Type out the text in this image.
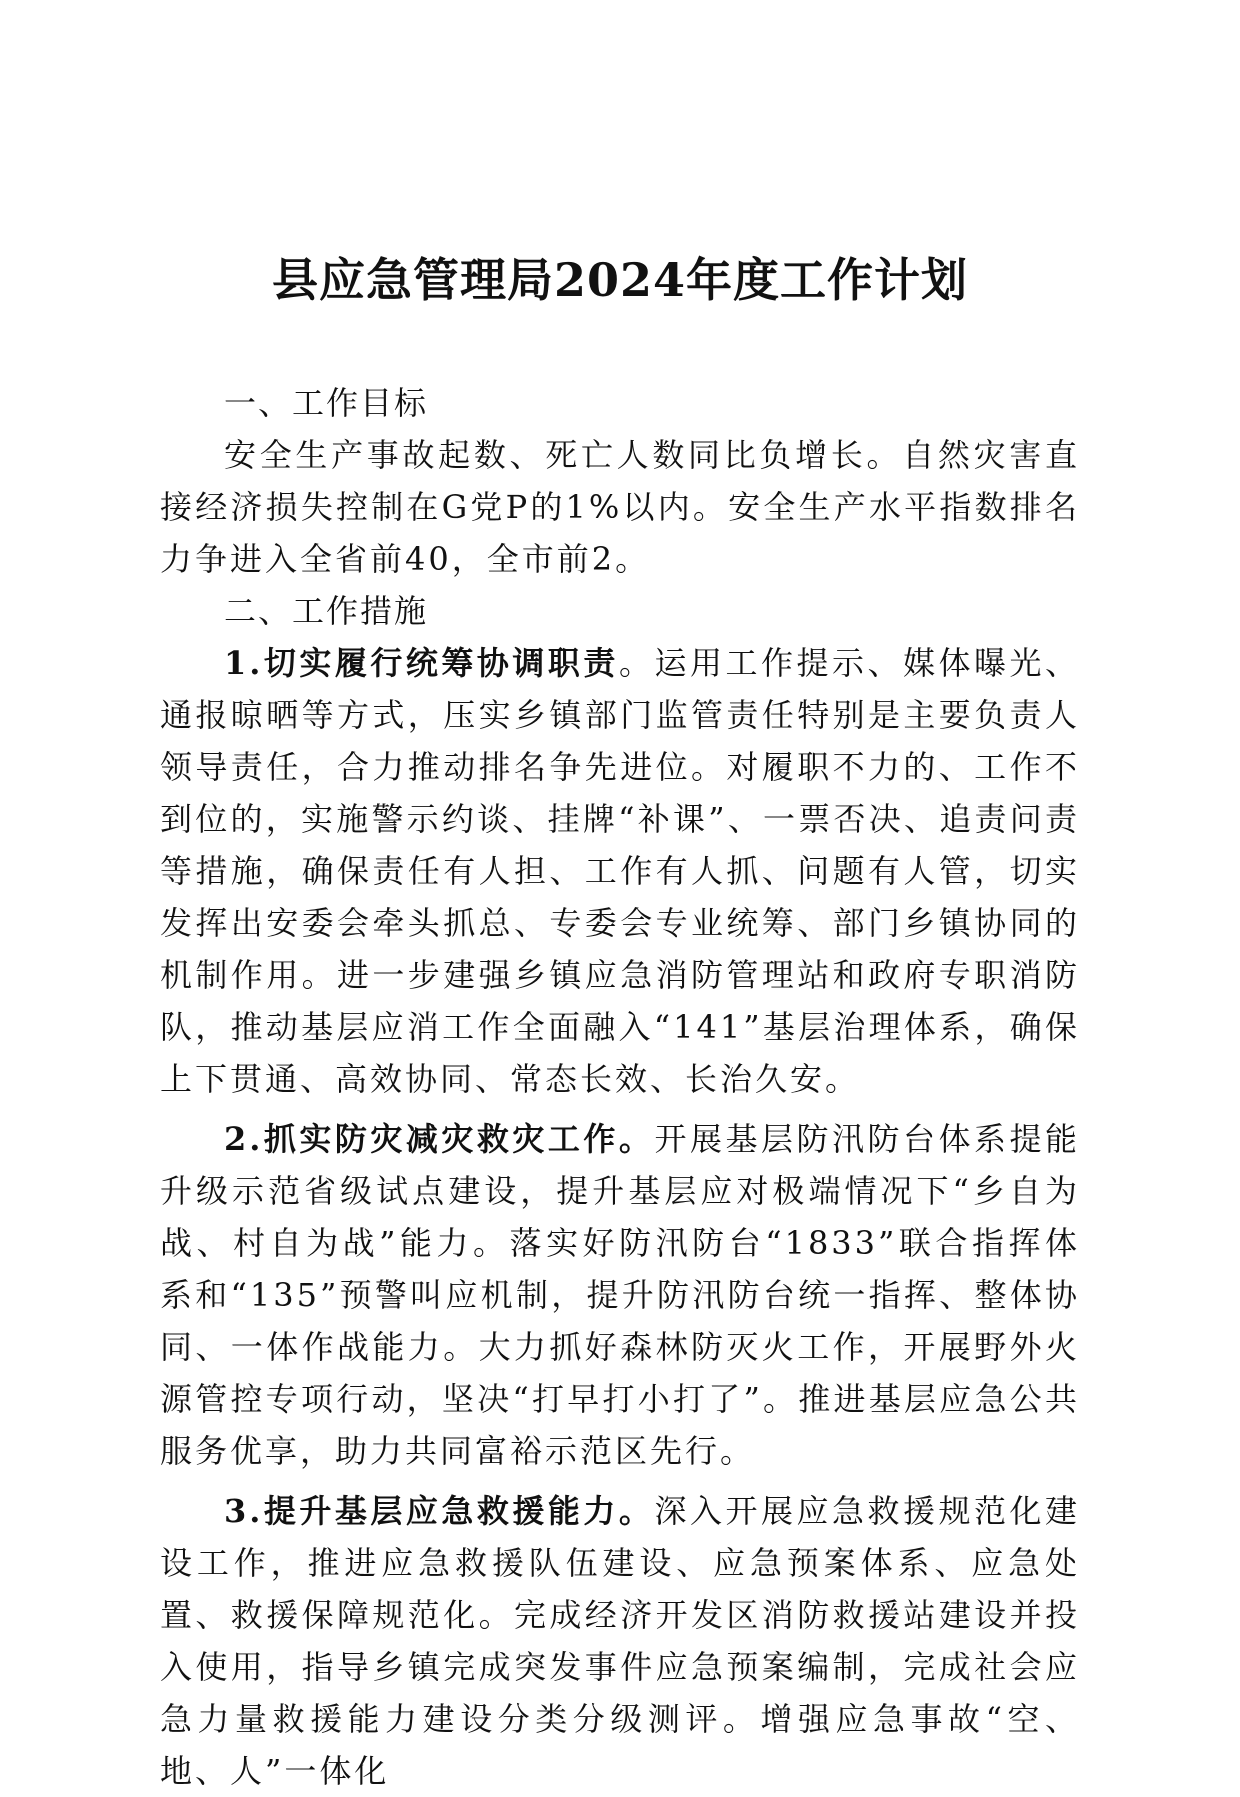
县应急管理局2024年度工作计划
一、工作目标

安全生产事故起数、死亡人数同比负增长。自然灾害直接经济损失控制在G党P的1%以内。安全生产水平指数排名力争进入全省前40，全市前2。

二、工作措施

1.切实履行统筹协调职责。运用工作提示、媒体曝光、通报晾晒等方式，压实乡镇部门监管责任特别是主要负责人领导责任，合力推动排名争先进位。对履职不力的、工作不到位的，实施警示约谈、挂牌“补课”、一票否决、追责问责等措施，确保责任有人担、工作有人抓、问题有人管，切实发挥出安委会牵头抓总、专委会专业统筹、部门乡镇协同的机制作用。进一步建强乡镇应急消防管理站和政府专职消防队，推动基层应消工作全面融入“141”基层治理体系，确保上下贯通、高效协同、常态长效、长治久安。

2.抓实防灾减灾救灾工作。开展基层防汛防台体系提能升级示范省级试点建设，提升基层应对极端情况下“乡自为战、村自为战”能力。落实好防汛防台“1833”联合指挥体系和“135”预警叫应机制，提升防汛防台统一指挥、整体协同、一体作战能力。大力抓好森林防灭火工作，开展野外火源管控专项行动，坚决“打早打小打了”。推进基层应急公共服务优享，助力共同富裕示范区先行。

3.提升基层应急救援能力。深入开展应急救援规范化建设工作，推进应急救援队伍建设、应急预案体系、应急处置、救援保障规范化。完成经济开发区消防救援站建设并投入使用，指导乡镇完成突发事件应急预案编制，完成社会应急力量救援能力建设分类分级测评。增强应急事故“空、地、人”一体化
